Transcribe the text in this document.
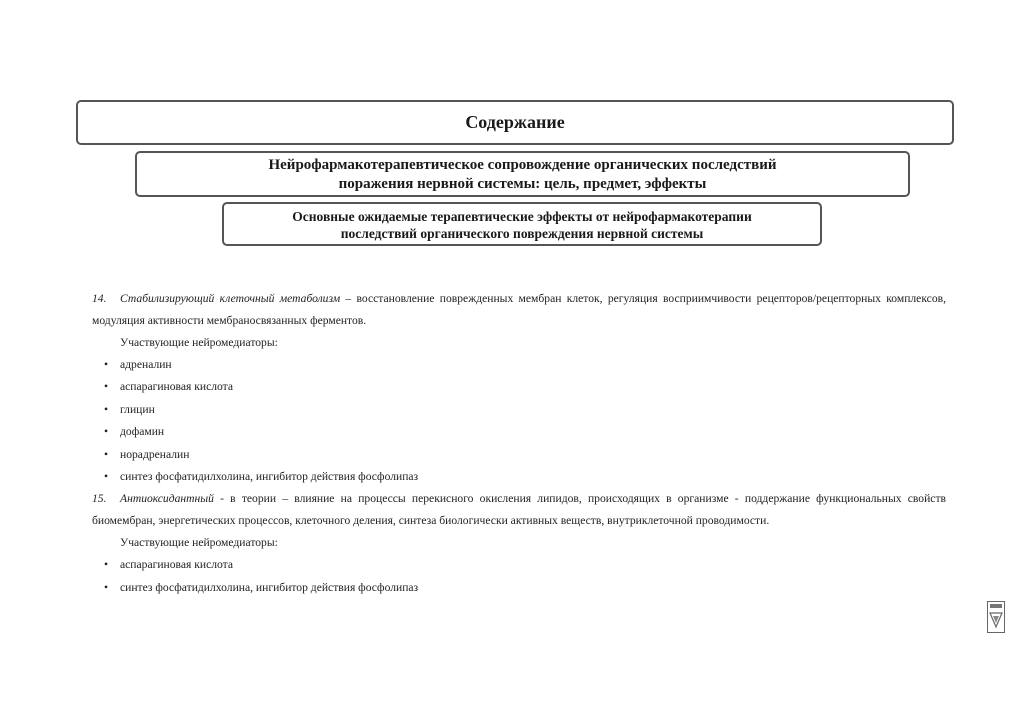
Содержание
Нейрофармакотерапевтическое сопровождение органических последствий
поражения нервной системы: цель, предмет, эффекты
Основные ожидаемые терапевтические эффекты от нейрофармакотерапии
последствий органического повреждения нервной системы

14. Стабилизирующий клеточный метаболизм – восстановление поврежденных мембран клеток, регуляция восприимчивости рецепторов/рецепторных комплексов, модуляция активности мембраносвязанных ферментов.

Участвующие нейромедиаторы:

• адреналин
• аспарагиновая кислота
• глицин
• дофамин
• норадреналин
• синтез фосфатидилхолина, ингибитор действия фосфолипаз

15. Антиоксидантный - в теории – влияние на процессы перекисного окисления липидов, происходящих в организме - поддержание функциональных свойств биомембран, энергетических процессов, клеточного деления, синтеза биологически активных веществ, внутриклеточной проводимости.

Участвующие нейромедиаторы:

• аспарагиновая кислота
• синтез фосфатидилхолина, ингибитор действия фосфолипаз
